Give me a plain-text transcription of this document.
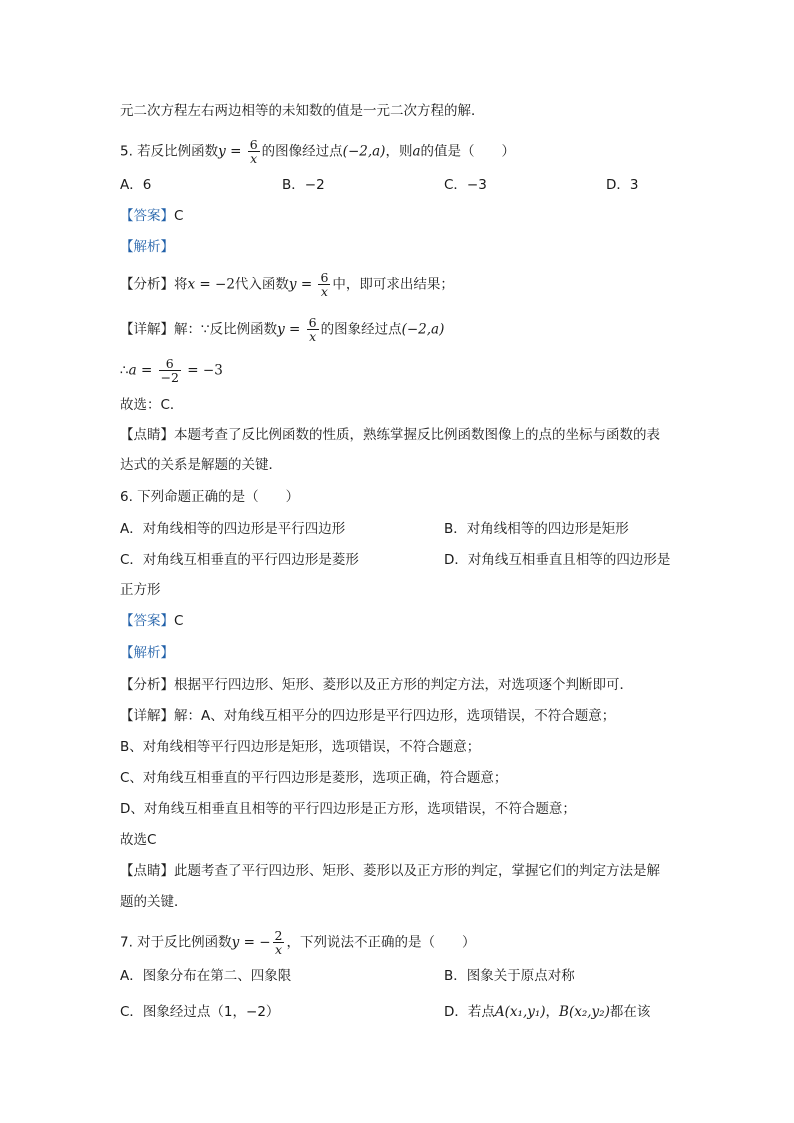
元二次方程左右两边相等的未知数的值是一元二次方程的解．
5. 若反比例函数$y = \frac{6}{x}$ 的图像经过点(−2,a)，则a的值是（　　）
A．6	B．−2	C．−3	D．3
【答案】C
【解析】
【分析】将x = −2代入函数$y = \frac{6}{x}$ 中，即可求出结果；
【详解】解：∵反比例函数$y = \frac{6}{x}$ 的图象经过点(−2,a)
∴a = $\frac{6}{-2} = -3$
故选：C．
【点睛】本题考查了反比例函数的性质，熟练掌握反比例函数图像上的点的坐标与函数的表
达式的关系是解题的关键．
6. 下列命题正确的是（　　）
A．对角线相等的四边形是平行四边形	B．对角线相等的四边形是矩形
C．对角线互相垂直的平行四边形是菱形	D．对角线互相垂直且相等的四边形是
正方形
【答案】C
【解析】
【分析】根据平行四边形、矩形、菱形以及正方形的判定方法，对选项逐个判断即可．
【详解】解：A、对角线互相平分的四边形是平行四边形，选项错误，不符合题意；
B、对角线相等平行四边形是矩形，选项错误，不符合题意；
C、对角线互相垂直的平行四边形是菱形，选项正确，符合题意；
D、对角线互相垂直且相等的平行四边形是正方形，选项错误，不符合题意；
故选C
【点睛】此题考查了平行四边形、矩形、菱形以及正方形的判定，掌握它们的判定方法是解
题的关键．
7. 对于反比例函数y = − $\frac{2}{x}$ ，下列说法不正确的是（　　）
A．图象分布在第二、四象限	B．图象关于原点对称
C．图象经过点（1，−2）	D．若点A(x₁,y₁)，B(x₂,y₂)都在该
